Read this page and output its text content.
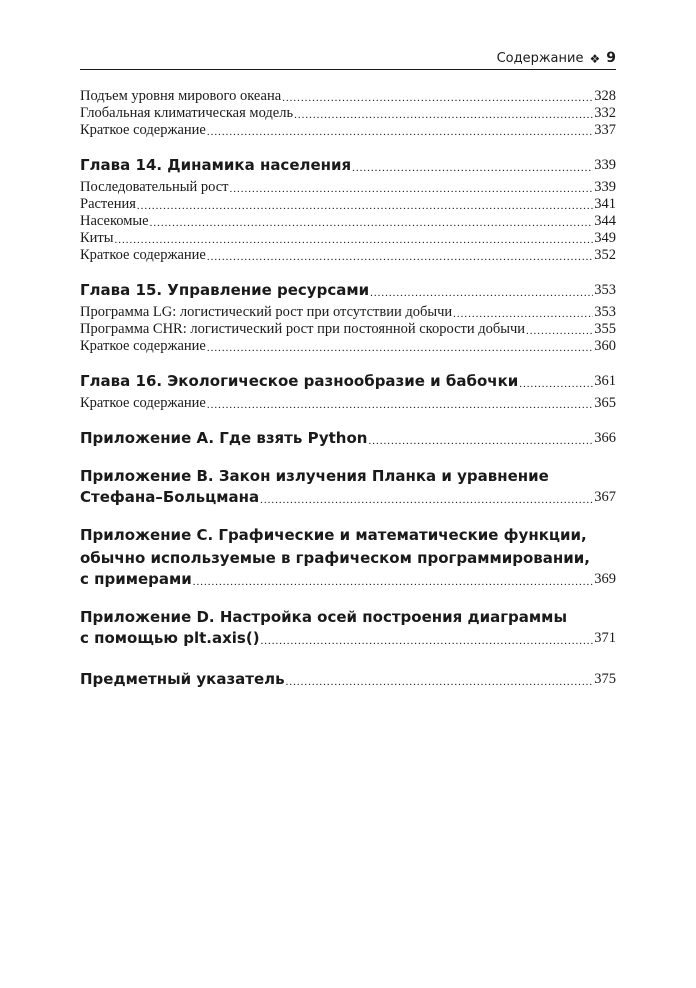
Содержание ❖ 9
Подъем уровня мирового океана .....	328
Глобальная климатическая модель .....	332
Краткое содержание .....	337
Глава 14. Динамика населения .....	339
Последовательный рост .....	339
Растения .....	341
Насекомые .....	344
Киты .....	349
Краткое содержание .....	352
Глава 15. Управление ресурсами .....	353
Программа LG: логистический рост при отсутствии добычи .....	353
Программа CHR: логистический рост при постоянной скорости добычи .....	355
Краткое содержание .....	360
Глава 16. Экологическое разнообразие и бабочки .....	361
Краткое содержание .....	365
Приложение A. Где взять Python .....	366
Приложение B. Закон излучения Планка и уравнение
Стефана–Больцмана .....	367
Приложение C. Графические и математические функции,
обычно используемые в графическом программировании,
с примерами .....	369
Приложение D. Настройка осей построения диаграммы
с помощью plt.axis() .....	371
Предметный указатель .....	375
